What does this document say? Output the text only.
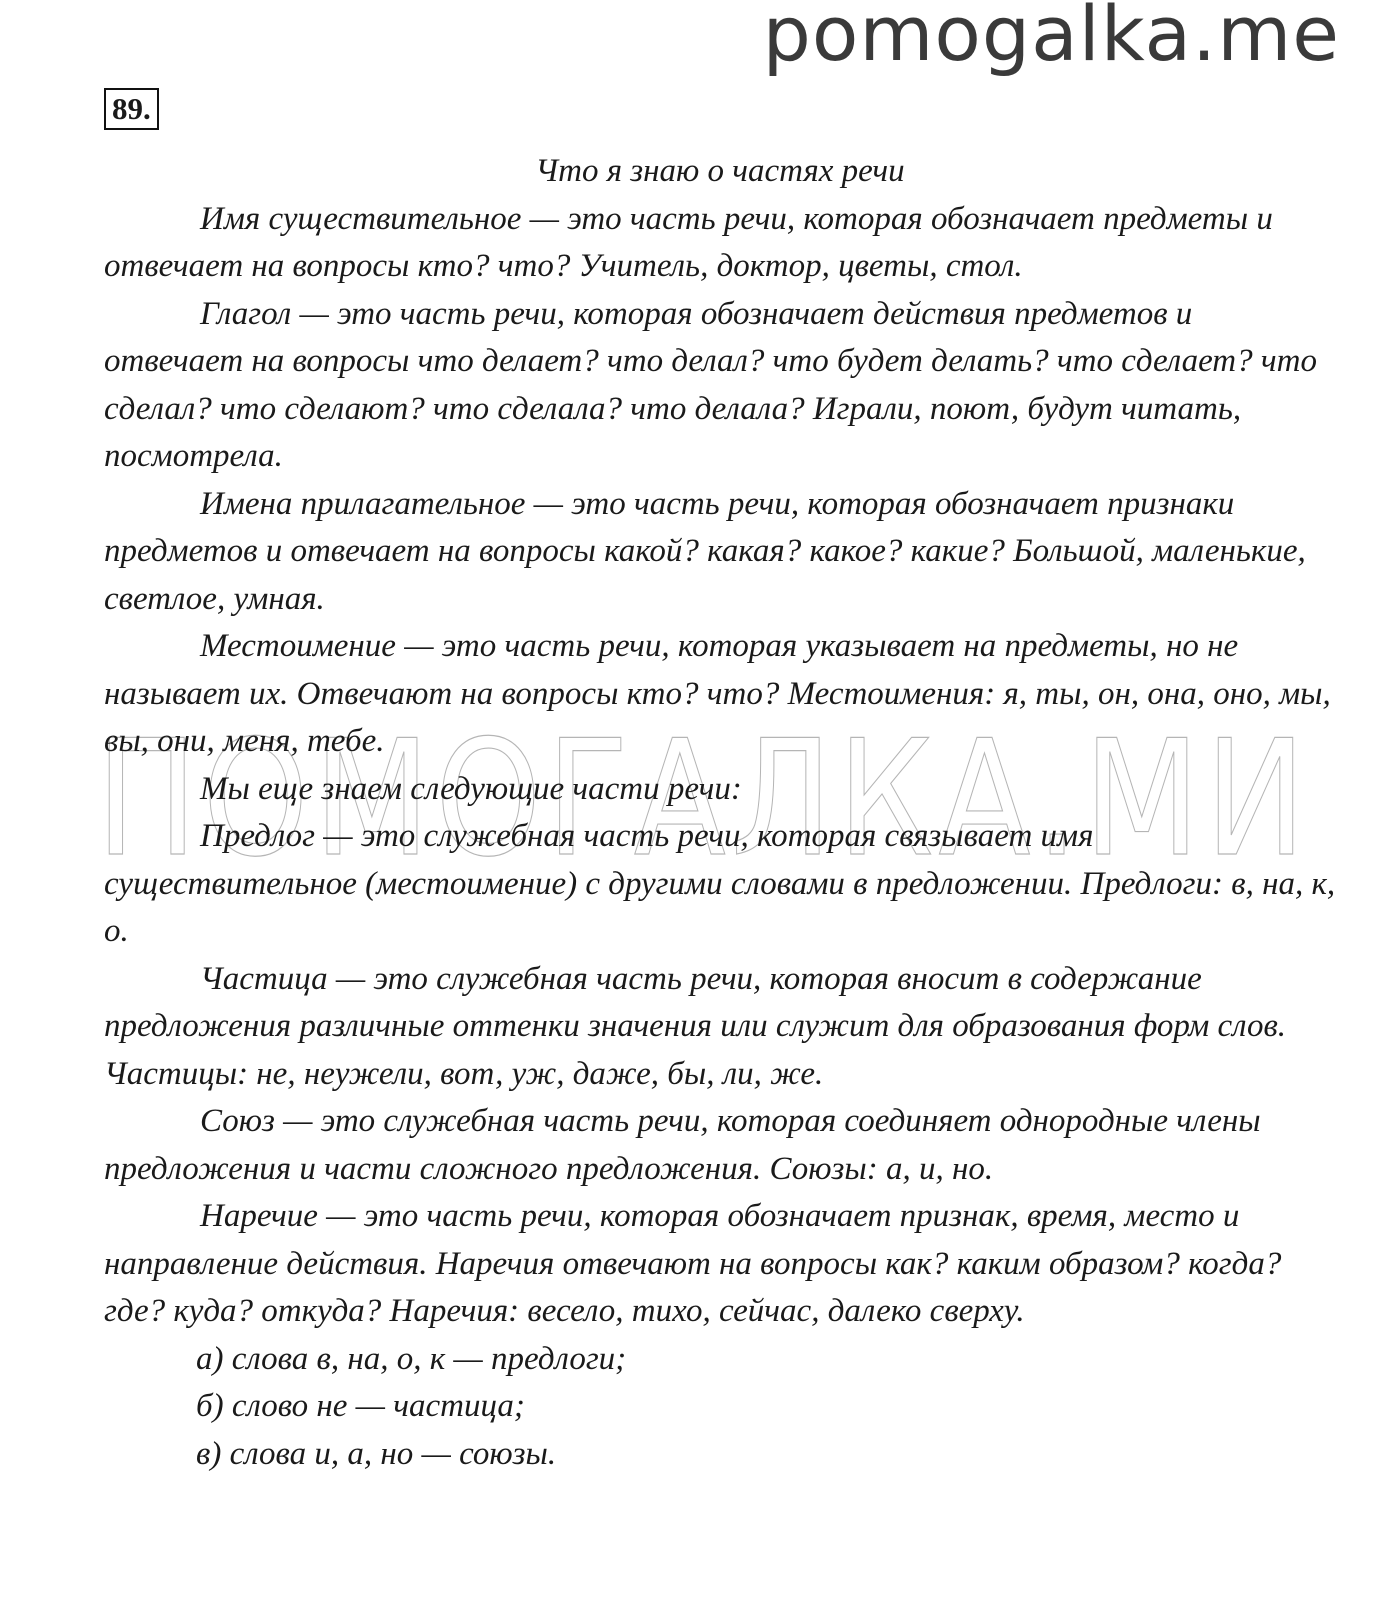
pomogalka.me
89.
ПОМОГАЛКА.МИ

Что я знаю о частях речи

Имя существительное — это часть речи, которая обозначает предметы и отвечает на вопросы кто? что? Учитель, доктор, цветы, стол.

Глагол — это часть речи, которая обозначает действия предметов и отвечает на вопросы что делает? что делал? что будет делать? что сделает? что сделал? что сделают? что сделала? что делала? Играли, поют, будут читать, посмотрела.

Имена прилагательное — это часть речи, которая обозначает признаки предметов и отвечает на вопросы какой? какая? какое? какие? Большой, маленькие, светлое, умная.

Местоимение — это часть речи, которая указывает на предметы, но не называет их. Отвечают на вопросы кто? что? Местоимения: я, ты, он, она, оно, мы, вы, они, меня, тебе.

Мы еще знаем следующие части речи:

Предлог — это служебная часть речи, которая связывает имя существительное (местоимение) с другими словами в предложении. Предлоги: в, на, к, о.

Частица — это служебная часть речи, которая вносит в содержание предложения различные оттенки значения или служит для образования форм слов. Частицы: не, неужели, вот, уж, даже, бы, ли, же.

Союз — это служебная часть речи, которая соединяет однородные члены предложения и части сложного предложения. Союзы: а, и, но.

Наречие — это часть речи, которая обозначает признак, время, место и направление действия. Наречия отвечают на вопросы как? каким образом? когда? где? куда? откуда? Наречия: весело, тихо, сейчас, далеко сверху.

а) слова в, на, о, к — предлоги;

б) слово не — частица;

в) слова и, а, но — союзы.
